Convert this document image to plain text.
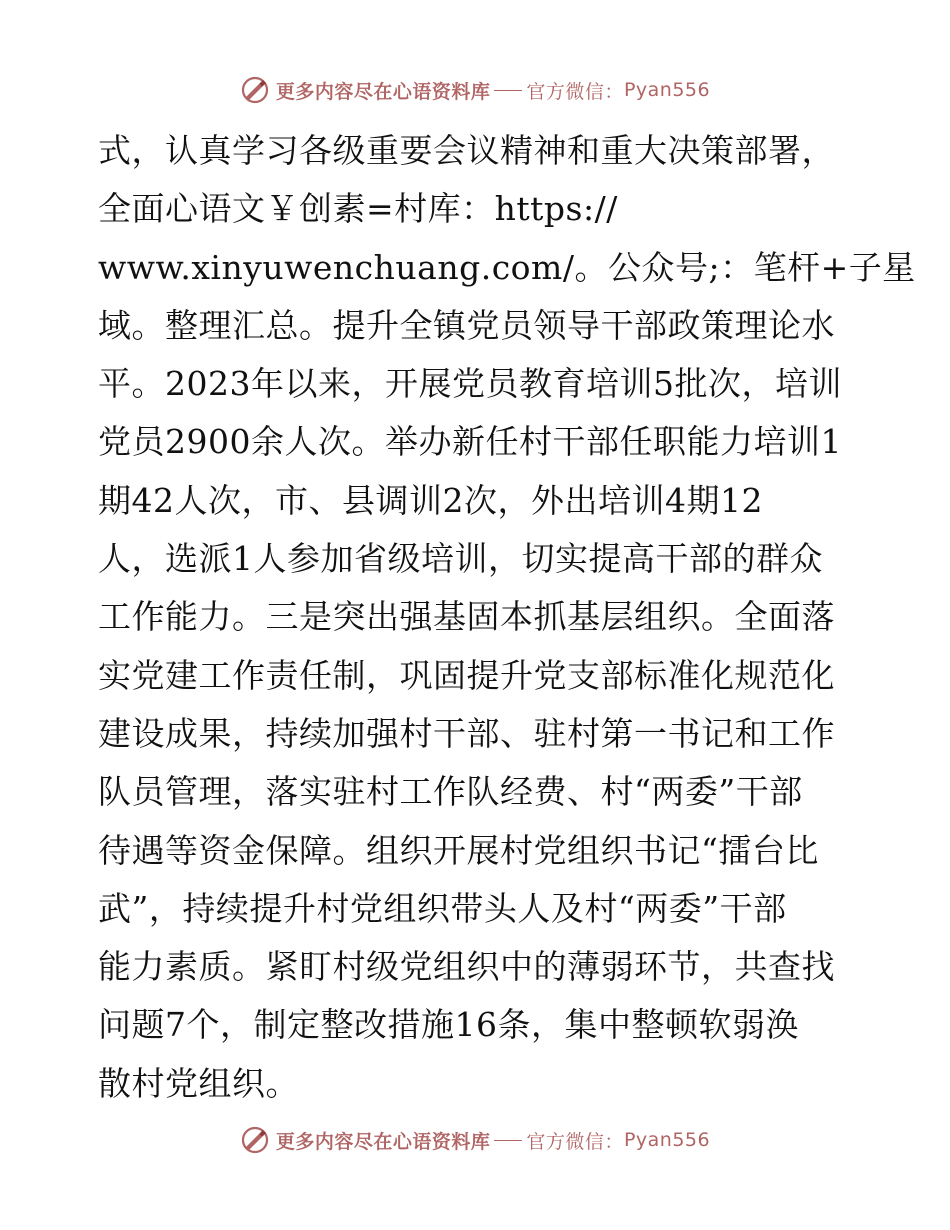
更多内容尽在心语资料库 官方微信： Pyan556
式，认真学习各级重要会议精神和重大决策部署，
全面心语文￥创素=村库：https://
www.xinyuwenchuang.com/。公众号;：笔杆+子星
域。整理汇总。提升全镇党员领导干部政策理论水
平。2023年以来，开展党员教育培训5批次，培训
党员2900余人次。举办新任村干部任职能力培训1
期42人次，市、县调训2次，外出培训4期12
人，选派1人参加省级培训，切实提高干部的群众
工作能力。三是突出强基固本抓基层组织。全面落
实党建工作责任制，巩固提升党支部标准化规范化
建设成果，持续加强村干部、驻村第一书记和工作
队员管理，落实驻村工作队经费、村“两委”干部
待遇等资金保障。组织开展村党组织书记“擂台比
武”，持续提升村党组织带头人及村“两委”干部
能力素质。紧盯村级党组织中的薄弱环节，共查找
问题7个，制定整改措施16条，集中整顿软弱涣
散村党组织。
更多内容尽在心语资料库 官方微信： Pyan556
